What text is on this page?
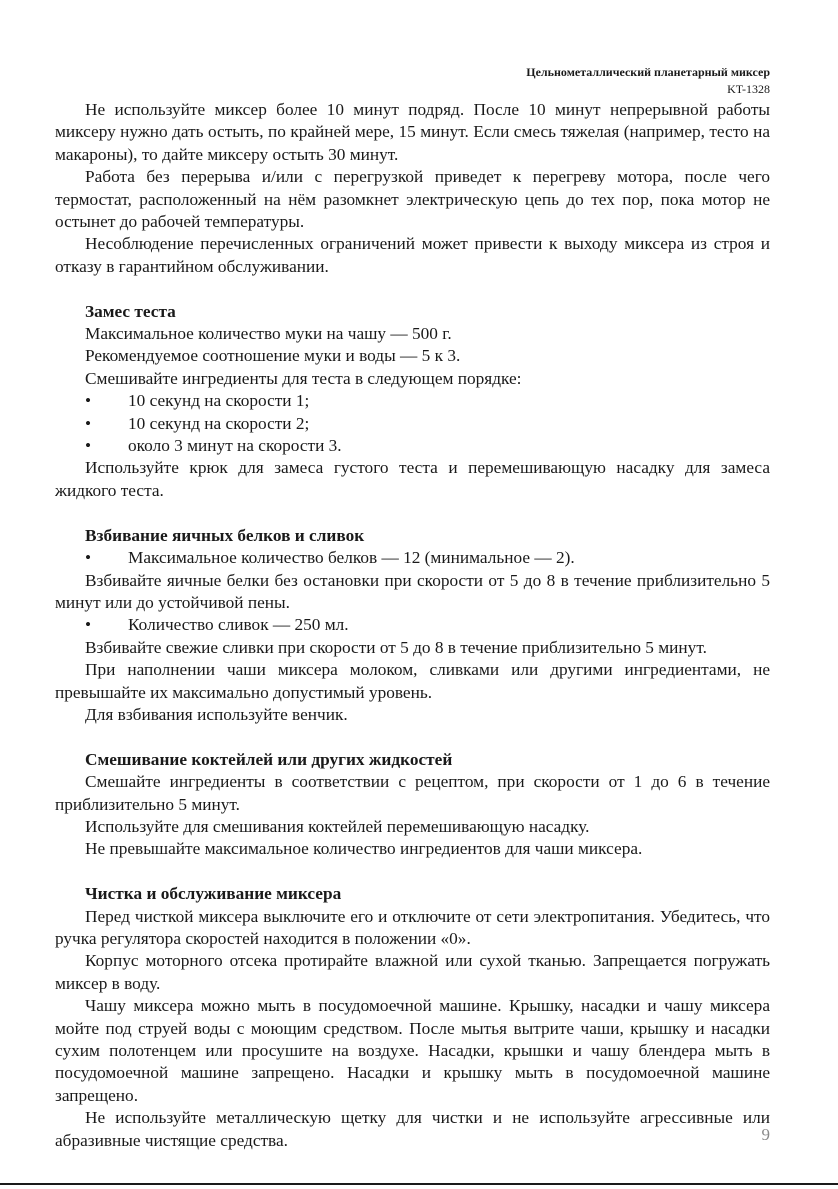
Цельнометаллический планетарный миксер
KT-1328

Не используйте миксер более 10 минут подряд. После 10 минут непрерывной работы миксеру нужно дать остыть, по крайней мере, 15 минут. Если смесь тяжелая (например, тесто на макароны), то дайте миксеру остыть 30 минут.

Работа без перерыва и/или с перегрузкой приведет к перегреву мотора, после чего термостат, расположенный на нём разомкнет электрическую цепь до тех пор, пока мотор не остынет до рабочей температуры.

Несоблюдение перечисленных ограничений может привести к выходу миксера из строя и отказу в гарантийном обслуживании.

Замес теста

Максимальное количество муки на чашу — 500 г.

Рекомендуемое соотношение муки и воды — 5 к 3.

Смешивайте ингредиенты для теста в следующем порядке:

• 10 секунд на скорости 1;

• 10 секунд на скорости 2;

• около 3 минут на скорости 3.

Используйте крюк для замеса густого теста и перемешивающую насадку для замеса жидкого теста.

Взбивание яичных белков и сливок

• Максимальное количество белков — 12 (минимальное — 2).

Взбивайте яичные белки без остановки при скорости от 5 до 8 в течение приблизительно 5 минут или до устойчивой пены.

• Количество сливок — 250 мл.

Взбивайте свежие сливки при скорости от 5 до 8 в течение приблизительно 5 минут.

При наполнении чаши миксера молоком, сливками или другими ингредиентами, не превышайте их максимально допустимый уровень.

Для взбивания используйте венчик.

Смешивание коктейлей или других жидкостей

Смешайте ингредиенты в соответствии с рецептом, при скорости от 1 до 6 в течение приблизительно 5 минут.

Используйте для смешивания коктейлей перемешивающую насадку.

Не превышайте максимальное количество ингредиентов для чаши миксера.

Чистка и обслуживание миксера

Перед чисткой миксера выключите его и отключите от сети электропитания. Убедитесь, что ручка регулятора скоростей находится в положении «0».

Корпус моторного отсека протирайте влажной или сухой тканью. Запрещается погружать миксер в воду.

Чашу миксера можно мыть в посудомоечной машине. Крышку, насадки и чашу миксера мойте под струей воды с моющим средством. После мытья вытрите чаши, крышку и насадки сухим полотенцем или просушите на воздухе. Насадки, крышки и чашу блендера мыть в посудомоечной машине запрещено. Насадки и крышку мыть в посудомоечной машине запрещено.

Не используйте металлическую щетку для чистки и не используйте агрессивные или абразивные чистящие средства.	9
